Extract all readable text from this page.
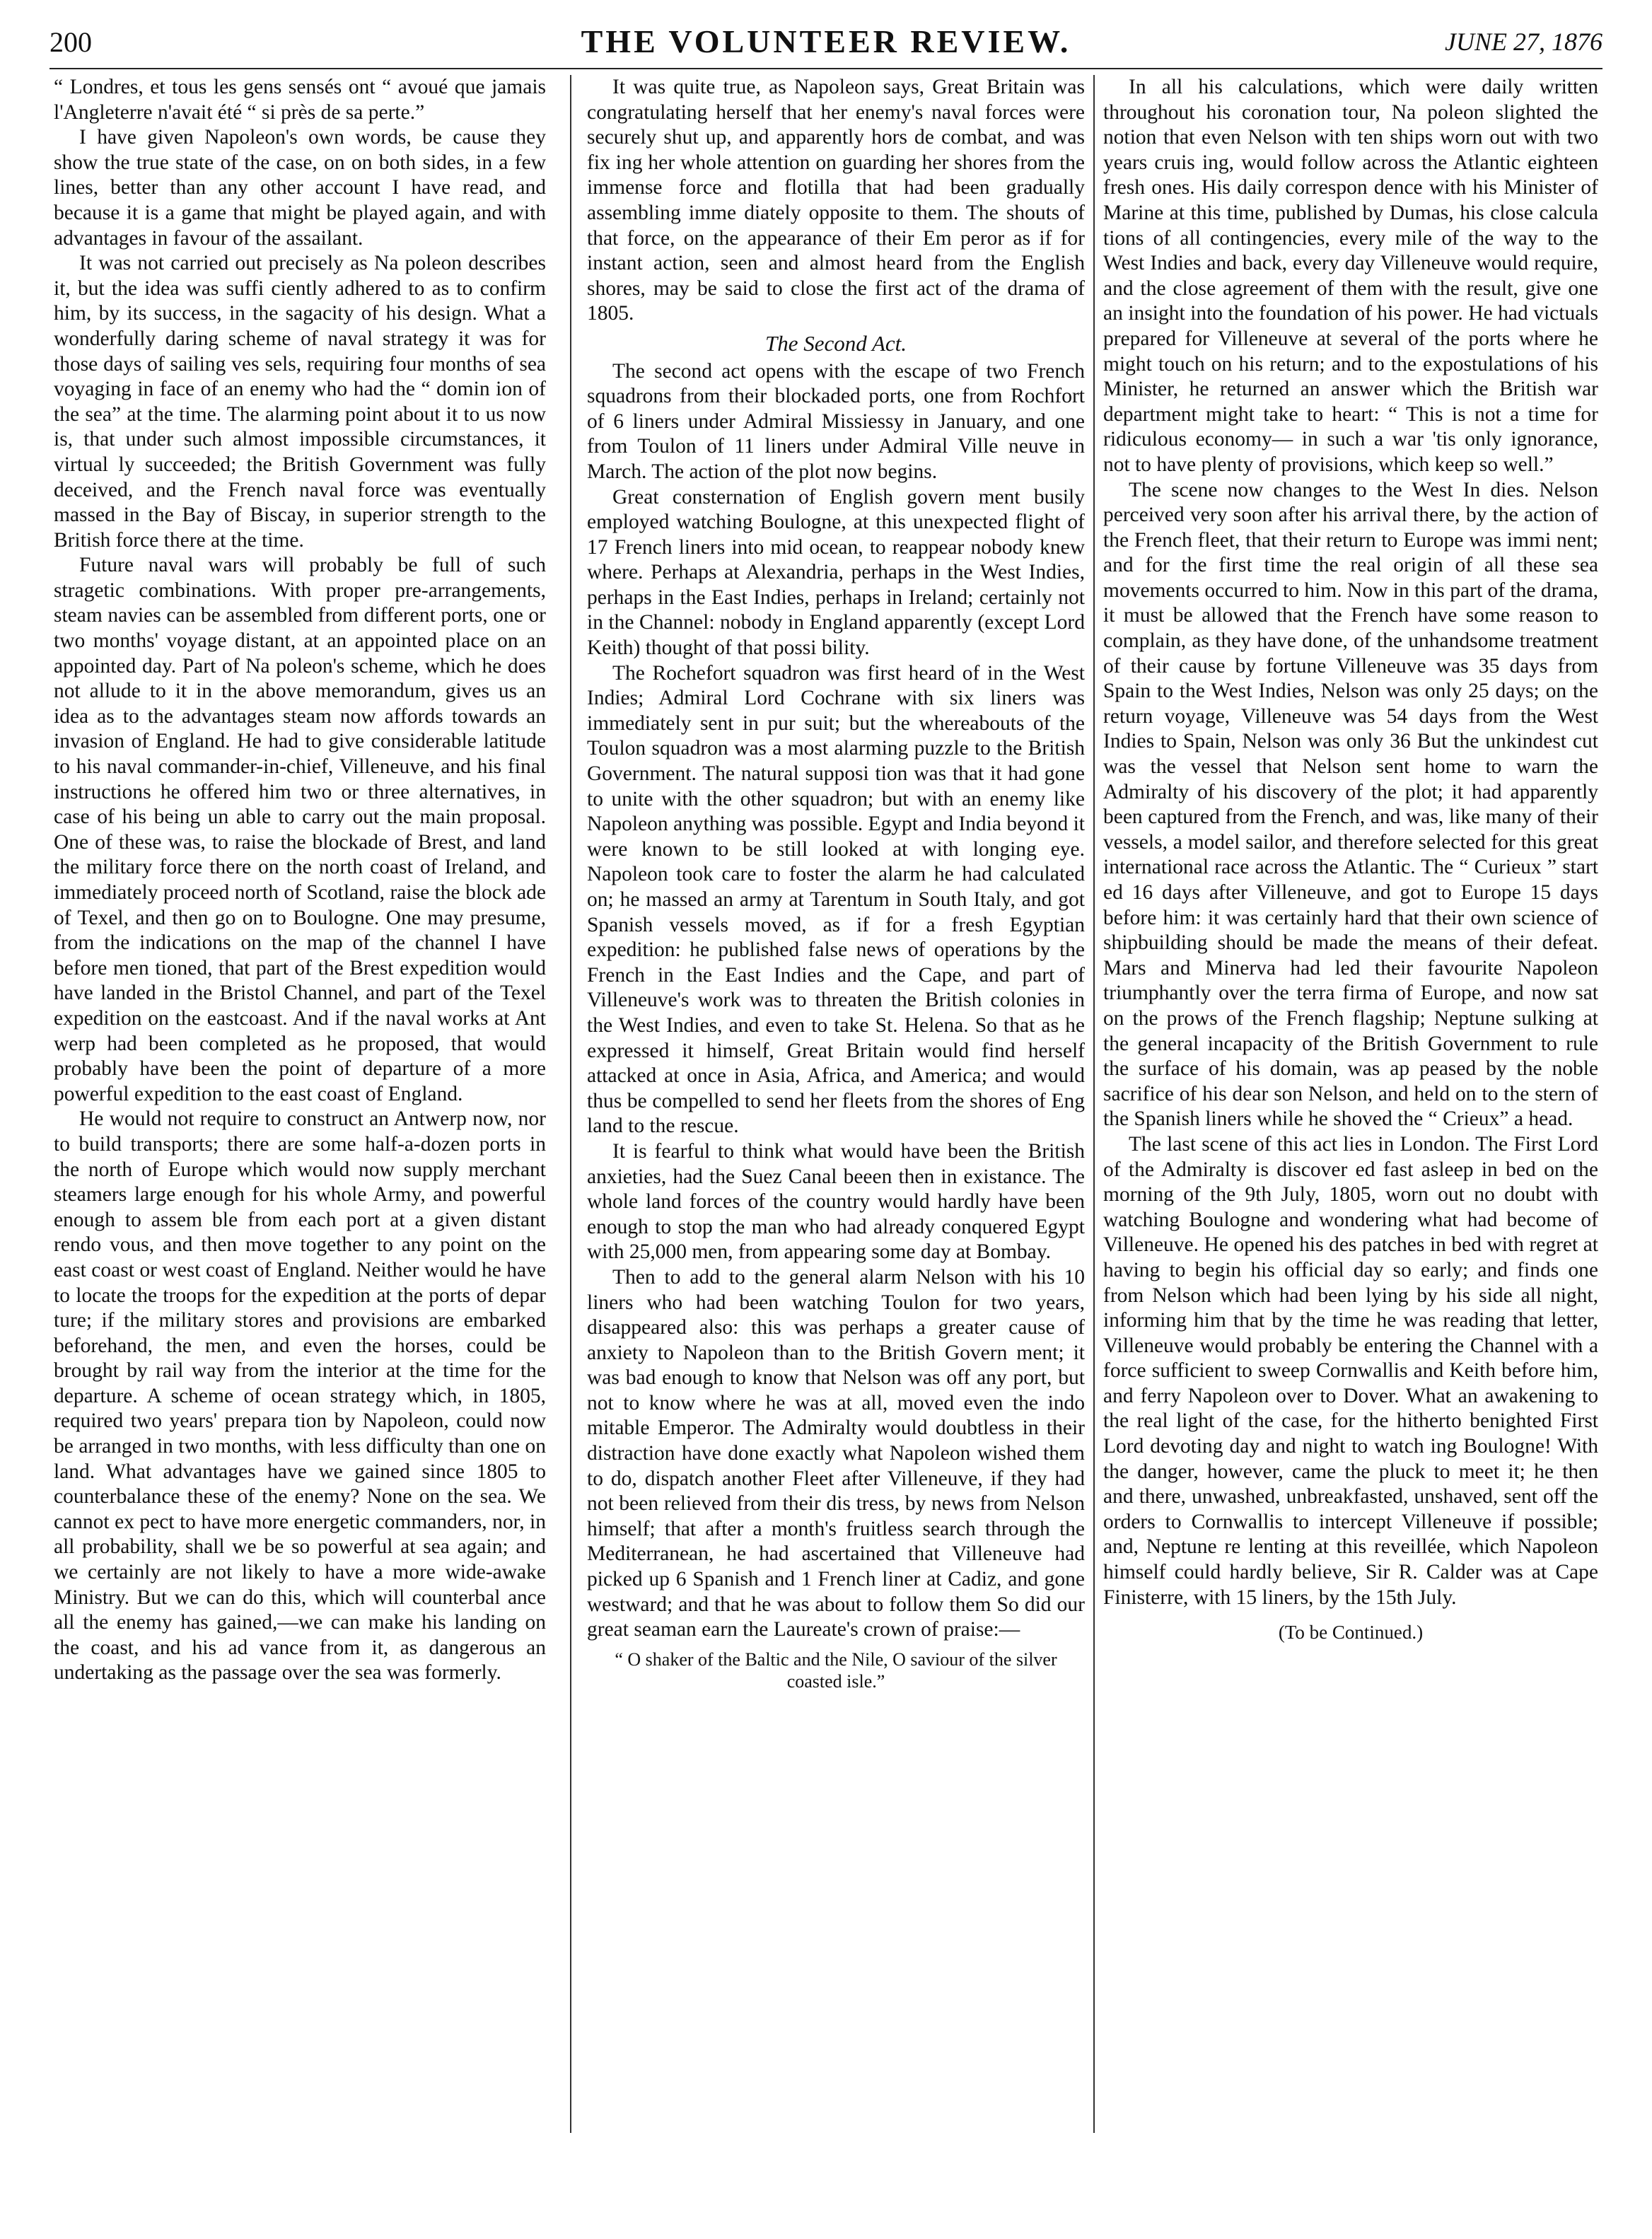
200	THE VOLUNTEER REVIEW.	JUNE 27, 1876

“ Londres, et tous les gens sensés ont “ avoué que jamais l'Angleterre n'avait été “ si près de sa perte.”

I have given Napoleon's own words, be cause they show the true state of the case, on on both sides, in a few lines, better than any other account I have read, and because it is a game that might be played again, and with advantages in favour of the assailant.

It was not carried out precisely as Na poleon describes it, but the idea was suffi ciently adhered to as to confirm him, by its success, in the sagacity of his design. What a wonderfully daring scheme of naval strategy it was for those days of sailing ves sels, requiring four months of sea voyaging in face of an enemy who had the “ domin ion of the sea” at the time. The alarming point about it to us now is, that under such almost impossible circumstances, it virtual ly succeeded; the British Government was fully deceived, and the French naval force was eventually massed in the Bay of Biscay, in superior strength to the British force there at the time.

Future naval wars will probably be full of such stragetic combinations. With proper pre-arrangements, steam navies can be assembled from different ports, one or two months' voyage distant, at an appointed place on an appointed day. Part of Na poleon's scheme, which he does not allude to it in the above memorandum, gives us an idea as to the advantages steam now affords towards an invasion of England. He had to give considerable latitude to his naval commander-in-chief, Villeneuve, and his final instructions he offered him two or three alternatives, in case of his being un able to carry out the main proposal. One of these was, to raise the blockade of Brest, and land the military force there on the north coast of Ireland, and immediately proceed north of Scotland, raise the block ade of Texel, and then go on to Boulogne. One may presume, from the indications on the map of the channel I have before men tioned, that part of the Brest expedition would have landed in the Bristol Channel, and part of the Texel expedition on the eastcoast. And if the naval works at Ant werp had been completed as he proposed, that would probably have been the point of departure of a more powerful expedition to the east coast of England.

He would not require to construct an Antwerp now, nor to build transports; there are some half-a-dozen ports in the north of Europe which would now supply merchant steamers large enough for his whole Army, and powerful enough to assem ble from each port at a given distant rendo vous, and then move together to any point on the east coast or west coast of England. Neither would he have to locate the troops for the expedition at the ports of depar ture; if the military stores and provisions are embarked beforehand, the men, and even the horses, could be brought by rail way from the interior at the time for the departure. A scheme of ocean strategy which, in 1805, required two years' prepara tion by Napoleon, could now be arranged in two months, with less difficulty than one on land. What advantages have we gained since 1805 to counterbalance these of the enemy? None on the sea. We cannot ex pect to have more energetic commanders, nor, in all probability, shall we be so powerful at sea again; and we certainly are not likely to have a more wide-awake Ministry. But we can do this, which will counterbal ance all the enemy has gained,—we can make his landing on the coast, and his ad vance from it, as dangerous an undertaking as the passage over the sea was formerly.

It was quite true, as Napoleon says, Great Britain was congratulating herself that her enemy's naval forces were securely shut up, and apparently hors de combat, and was fix ing her whole attention on guarding her shores from the immense force and flotilla that had been gradually assembling imme diately opposite to them. The shouts of that force, on the appearance of their Em peror as if for instant action, seen and almost heard from the English shores, may be said to close the first act of the drama of 1805.

The Second Act.

The second act opens with the escape of two French squadrons from their blockaded ports, one from Rochfort of 6 liners under Admiral Missiessy in January, and one from Toulon of 11 liners under Admiral Ville neuve in March. The action of the plot now begins.

Great consternation of English govern ment busily employed watching Boulogne, at this unexpected flight of 17 French liners into mid ocean, to reappear nobody knew where. Perhaps at Alexandria, perhaps in the West Indies, perhaps in the East Indies, perhaps in Ireland; certainly not in the Channel: nobody in England apparently (except Lord Keith) thought of that possi bility.

The Rochefort squadron was first heard of in the West Indies; Admiral Lord Cochrane with six liners was immediately sent in pur suit; but the whereabouts of the Toulon squadron was a most alarming puzzle to the British Government. The natural supposi tion was that it had gone to unite with the other squadron; but with an enemy like Napoleon anything was possible. Egypt and India beyond it were known to be still looked at with longing eye. Napoleon took care to foster the alarm he had calculated on; he massed an army at Tarentum in South Italy, and got Spanish vessels moved, as if for a fresh Egyptian expedition: he published false news of operations by the French in the East Indies and the Cape, and part of Villeneuve's work was to threaten the British colonies in the West Indies, and even to take St. Helena. So that as he expressed it himself, Great Britain would find herself attacked at once in Asia, Africa, and America; and would thus be compelled to send her fleets from the shores of Eng land to the rescue.

It is fearful to think what would have been the British anxieties, had the Suez Canal beeen then in existance. The whole land forces of the country would hardly have been enough to stop the man who had already conquered Egypt with 25,000 men, from appearing some day at Bombay.

Then to add to the general alarm Nelson with his 10 liners who had been watching Toulon for two years, disappeared also: this was perhaps a greater cause of anxiety to Napoleon than to the British Govern ment; it was bad enough to know that Nelson was off any port, but not to know where he was at all, moved even the indo mitable Emperor. The Admiralty would doubtless in their distraction have done exactly what Napoleon wished them to do, dispatch another Fleet after Villeneuve, if they had not been relieved from their dis tress, by news from Nelson himself; that after a month's fruitless search through the Mediterranean, he had ascertained that Villeneuve had picked up 6 Spanish and 1 French liner at Cadiz, and gone westward; and that he was about to follow them So did our great seaman earn the Laureate's crown of praise:—

“ O shaker of the Baltic and the Nile, O saviour of the silver coasted isle.”

In all his calculations, which were daily written throughout his coronation tour, Na poleon slighted the notion that even Nelson with ten ships worn out with two years cruis ing, would follow across the Atlantic eighteen fresh ones. His daily correspon dence with his Minister of Marine at this time, published by Dumas, his close calcula tions of all contingencies, every mile of the way to the West Indies and back, every day Villeneuve would require, and the close agreement of them with the result, give one an insight into the foundation of his power. He had victuals prepared for Villeneuve at several of the ports where he might touch on his return; and to the expostulations of his Minister, he returned an answer which the British war department might take to heart: “ This is not a time for ridiculous economy— in such a war 'tis only ignorance, not to have plenty of provisions, which keep so well.”

The scene now changes to the West In dies. Nelson perceived very soon after his arrival there, by the action of the French fleet, that their return to Europe was immi nent; and for the first time the real origin of all these sea movements occurred to him. Now in this part of the drama, it must be allowed that the French have some reason to complain, as they have done, of the unhandsome treatment of their cause by fortune Villeneuve was 35 days from Spain to the West Indies, Nelson was only 25 days; on the return voyage, Villeneuve was 54 days from the West Indies to Spain, Nelson was only 36 But the unkindest cut was the vessel that Nelson sent home to warn the Admiralty of his discovery of the plot; it had apparently been captured from the French, and was, like many of their vessels, a model sailor, and therefore selected for this great international race across the Atlantic. The “ Curieux ” start ed 16 days after Villeneuve, and got to Europe 15 days before him: it was certainly hard that their own science of shipbuilding should be made the means of their defeat. Mars and Minerva had led their favourite Napoleon triumphantly over the terra firma of Europe, and now sat on the prows of the French flagship; Neptune sulking at the general incapacity of the British Government to rule the surface of his domain, was ap peased by the noble sacrifice of his dear son Nelson, and held on to the stern of the Spanish liners while he shoved the “ Crieux” a head.

The last scene of this act lies in London. The First Lord of the Admiralty is discover ed fast asleep in bed on the morning of the 9th July, 1805, worn out no doubt with watching Boulogne and wondering what had become of Villeneuve. He opened his des patches in bed with regret at having to begin his official day so early; and finds one from Nelson which had been lying by his side all night, informing him that by the time he was reading that letter, Villeneuve would probably be entering the Channel with a force sufficient to sweep Cornwallis and Keith before him, and ferry Napoleon over to Dover. What an awakening to the real light of the case, for the hitherto benighted First Lord devoting day and night to watch ing Boulogne! With the danger, however, came the pluck to meet it; he then and there, unwashed, unbreakfasted, unshaved, sent off the orders to Cornwallis to intercept Villeneuve if possible; and, Neptune re lenting at this reveillée, which Napoleon himself could hardly believe, Sir R. Calder was at Cape Finisterre, with 15 liners, by the 15th July.

(To be Continued.)
